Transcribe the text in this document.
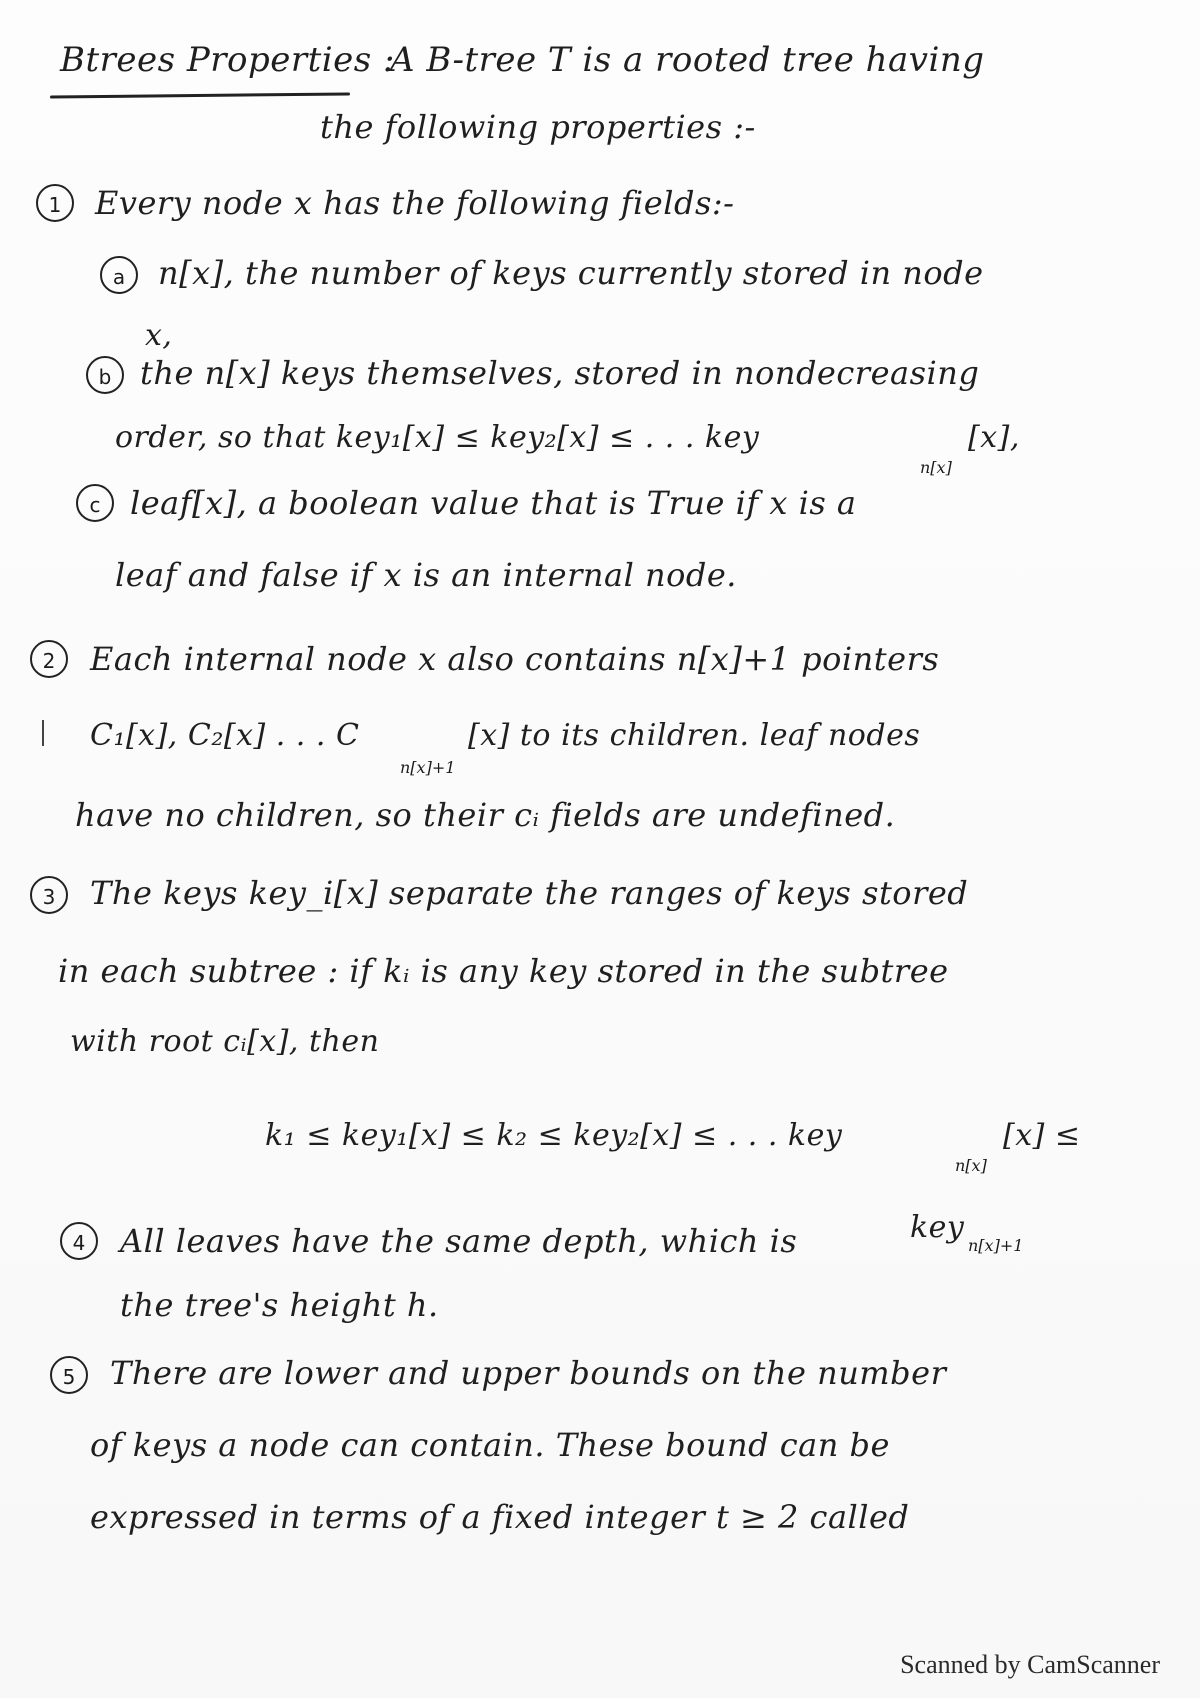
Btrees Properties :
A B-tree T is a rooted tree having
the following properties :-
1	Every node x has the following fields:-
a	n[x], the number of keys currently stored in node
x,
b the n[x] keys themselves, stored in nondecreasing
order, so that key₁[x] ≤ key₂[x] ≤ . . . key
n[x]
[x],
c leaf[x], a boolean value that is True if x is a
leaf and false if x is an internal node.
2	Each internal node x also contains n[x]+1 pointers
C₁[x], C₂[x] . . . C
n[x]+1
[x] to its children. leaf nodes
have no children, so their cᵢ fields are undefined.
3	The keys key_i[x] separate the ranges of keys stored
in each subtree : if kᵢ is any key stored in the subtree
with root cᵢ[x], then
k₁ ≤ key₁[x] ≤ k₂ ≤ key₂[x] ≤ . . . key
n[x]
[x] ≤
key
n[x]+1
4	All leaves have the same depth, which is
the tree's height h.
5	There are lower and upper bounds on the number
of keys a node can contain. These bound can be
expressed in terms of a fixed integer t ≥ 2 called
Scanned by CamScanner
